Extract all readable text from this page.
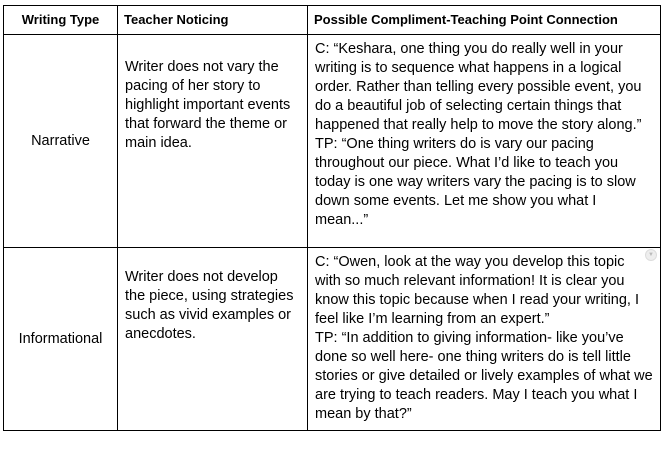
Writing Type	Teacher Noticing	Possible Compliment-Teaching Point Connection
Narrative	Writer does not vary the pacing of her story to highlight important events that forward the theme or main idea.	C: “Keshara, one thing you do really well in your writing is to sequence what happens in a logical order. Rather than telling every possible event, you do a beautiful job of selecting certain things that happened that really help to move the story along.”
TP: “One thing writers do is vary our pacing throughout our piece. What I’d like to teach you today is one way writers vary the pacing is to slow down some events. Let me show you what I mean...”

Informational	Writer does not develop the piece, using strategies such as vivid examples or anecdotes.	▼
C: “Owen, look at the way you develop this topic with so much relevant information! It is clear you know this topic because when I read your writing, I feel like I’m learning from an expert.”
TP: “In addition to giving information- like you’ve done so well here- one thing writers do is tell little stories or give detailed or lively examples of what we are trying to teach readers. May I teach you what I mean by that?”
